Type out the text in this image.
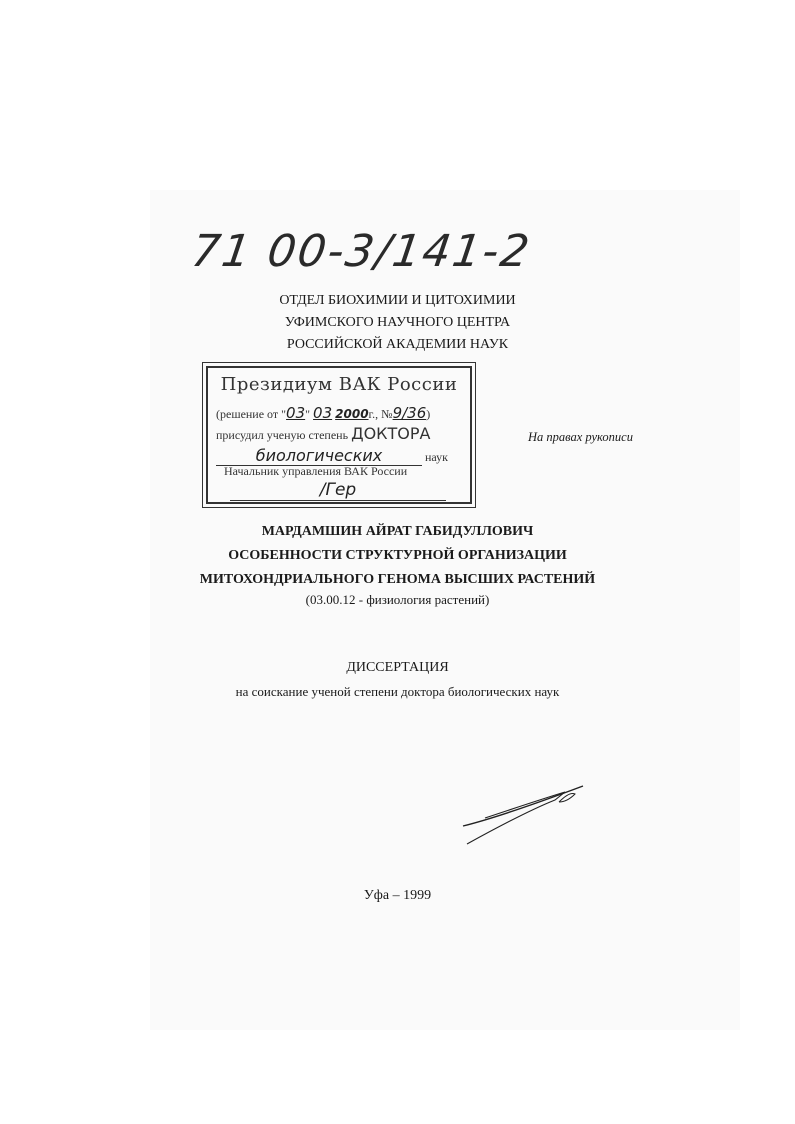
71 00-3/141-2
ОТДЕЛ БИОХИМИИ И ЦИТОХИМИИ
УФИМСКОГО НАУЧНОГО ЦЕНТРА
РОССИЙСКОЙ АКАДЕМИИ НАУК
Президиум ВАК России
(решение от "03" 03 2000г., №9/36)
присудил ученую степень ДОКТОРА
биологических	наук
Начальник управления ВАК России
/Гер
На правах рукописи
МАРДАМШИН АЙРАТ ГАБИДУЛЛОВИЧ
ОСОБЕННОСТИ СТРУКТУРНОЙ ОРГАНИЗАЦИИ
МИТОХОНДРИАЛЬНОГО ГЕНОМА ВЫСШИХ РАСТЕНИЙ
(03.00.12 - физиология растений)
ДИССЕРТАЦИЯ
на соискание ученой степени доктора биологических наук
Уфа – 1999
